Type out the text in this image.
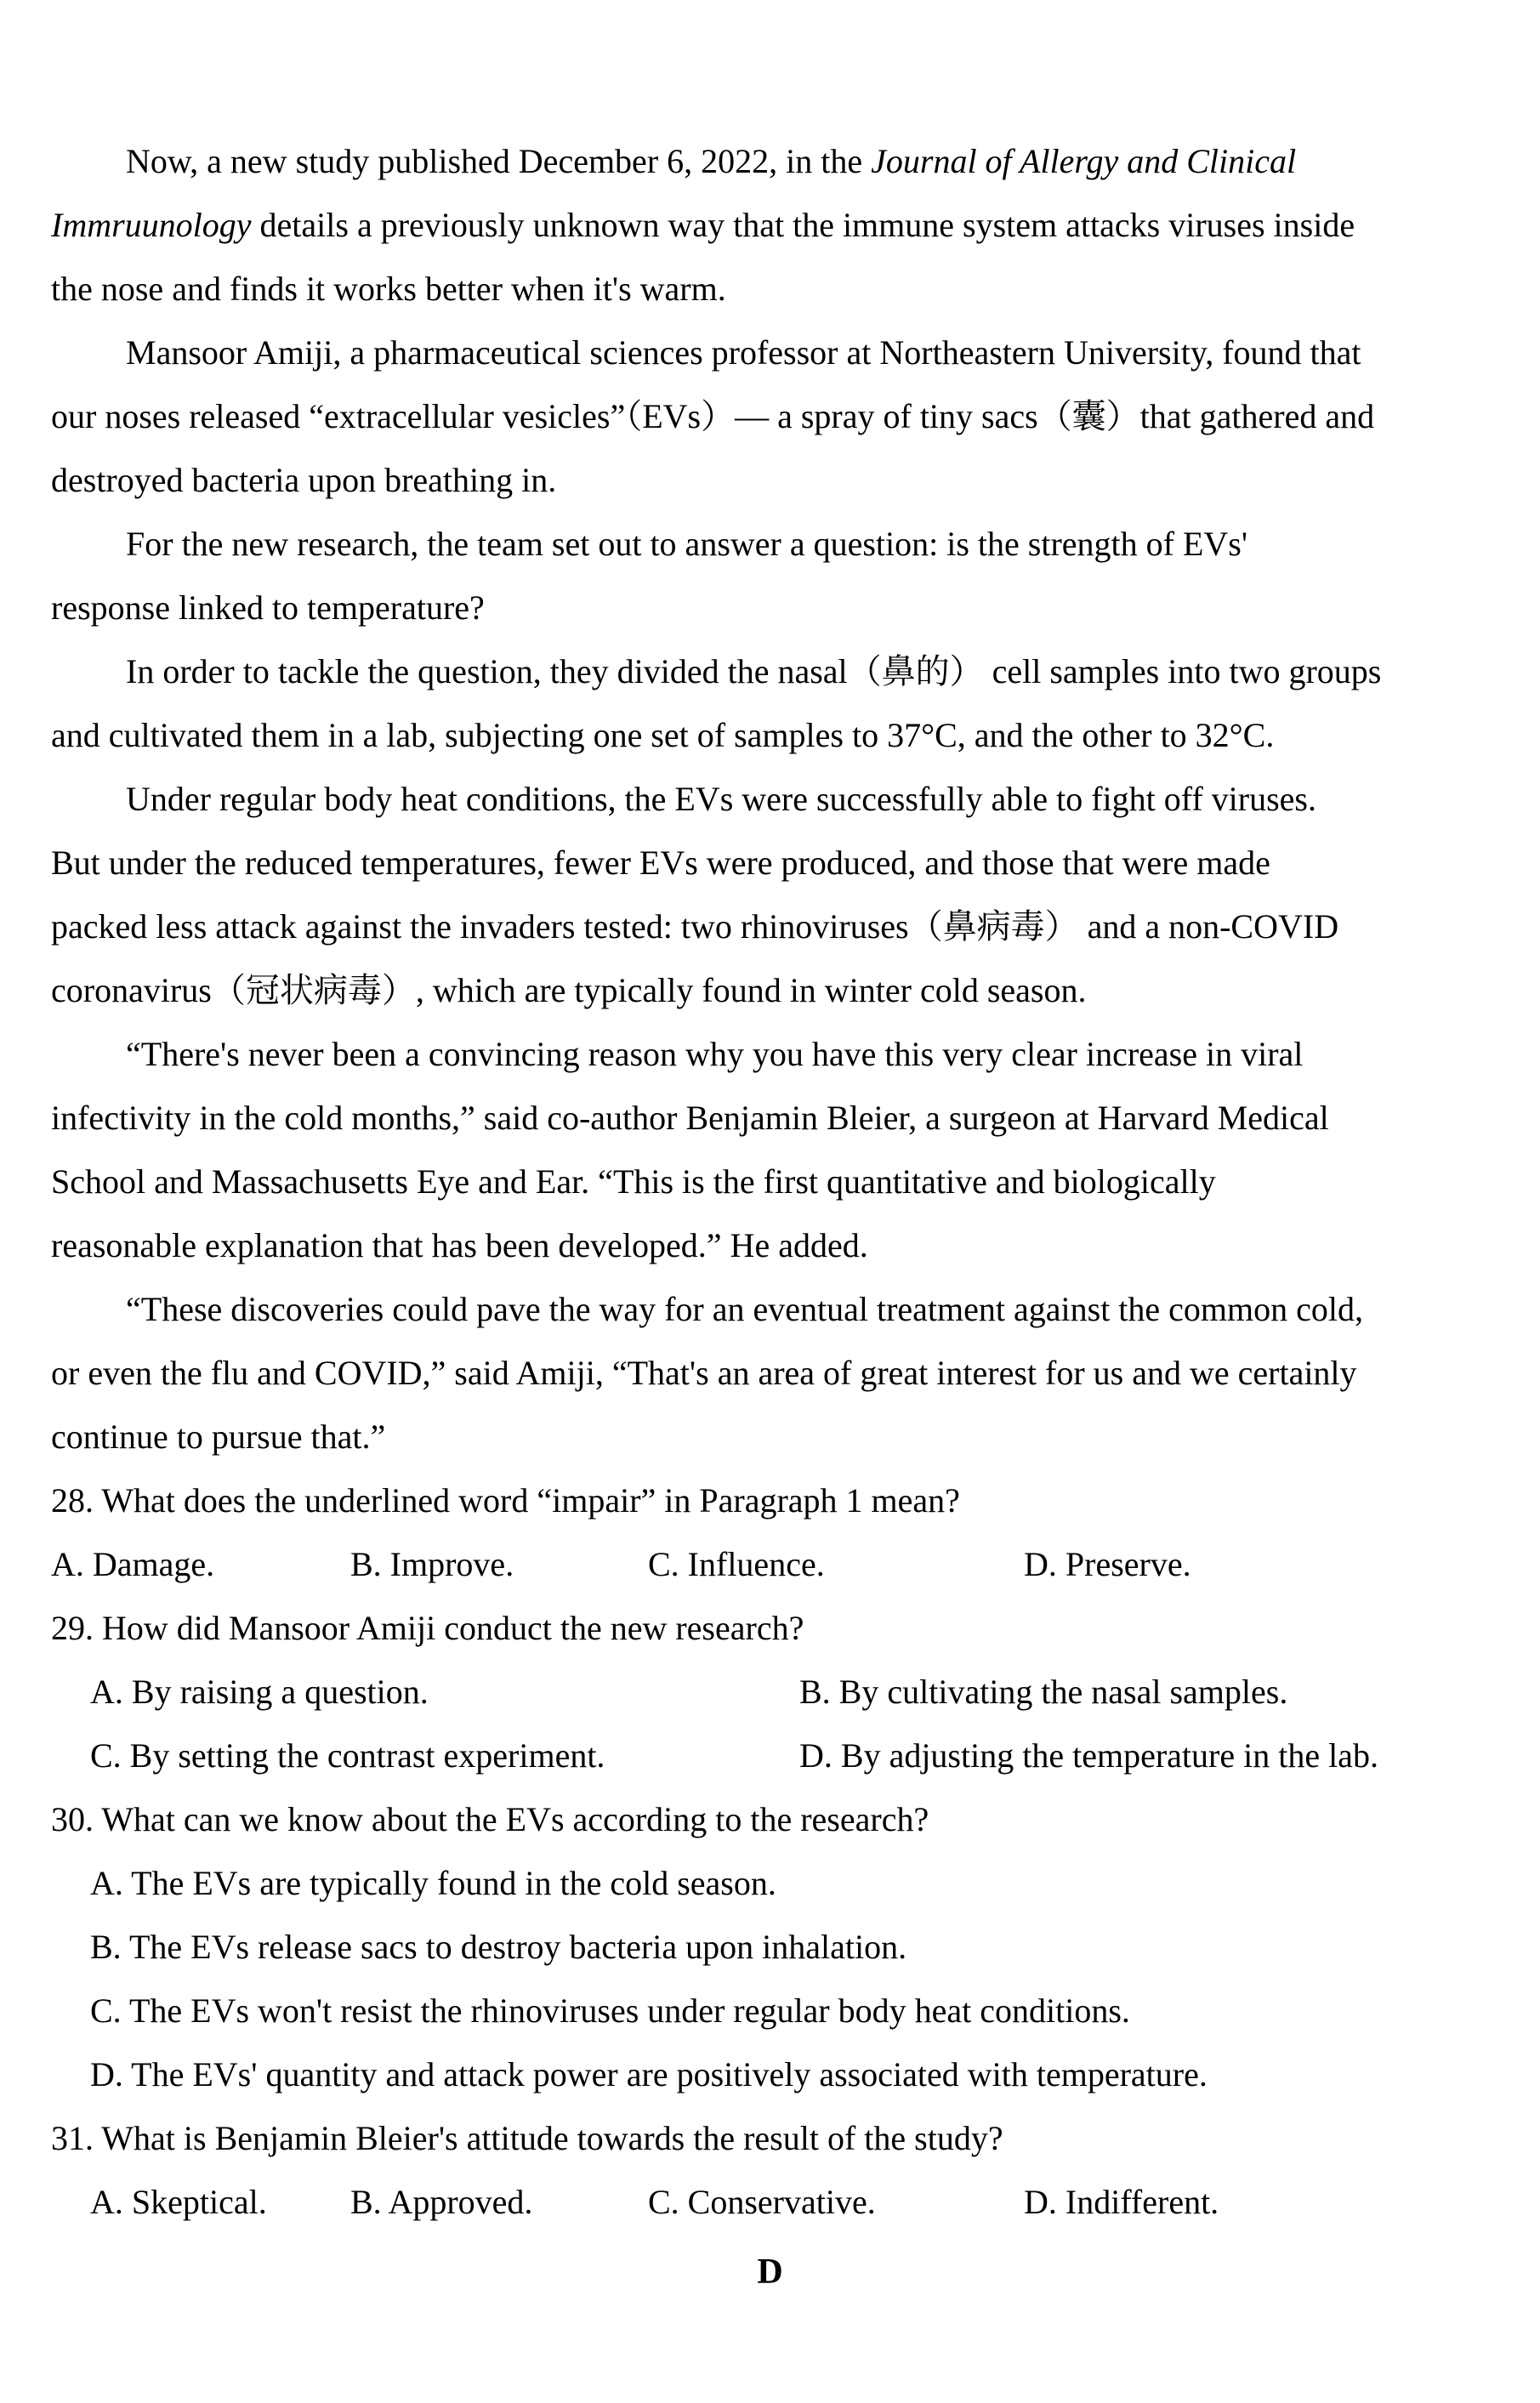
Now, a new study published December 6, 2022, in the Journal of Allergy and Clinical
Immruunology details a previously unknown way that the immune system attacks viruses inside
the nose and finds it works better when it's warm.
Mansoor Amiji, a pharmaceutical sciences professor at Northeastern University, found that
our noses released “extracellular vesicles”（EVs）— a spray of tiny sacs（囊）that gathered and
destroyed bacteria upon breathing in.
For the new research, the team set out to answer a question: is the strength of EVs'
response linked to temperature?
In order to tackle the question, they divided the nasal（鼻的） cell samples into two groups
and cultivated them in a lab, subjecting one set of samples to 37°C, and the other to 32°C.
Under regular body heat conditions, the EVs were successfully able to fight off viruses.
But under the reduced temperatures, fewer EVs were produced, and those that were made
packed less attack against the invaders tested: two rhinoviruses（鼻病毒） and a non-COVID
coronavirus（冠状病毒）, which are typically found in winter cold season.
“There's never been a convincing reason why you have this very clear increase in viral
infectivity in the cold months,” said co-author Benjamin Bleier, a surgeon at Harvard Medical
School and Massachusetts Eye and Ear. “This is the first quantitative and biologically
reasonable explanation that has been developed.” He added.
“These discoveries could pave the way for an eventual treatment against the common cold,
or even the flu and COVID,” said Amiji, “That's an area of great interest for us and we certainly
continue to pursue that.”
28. What does the underlined word “impair” in Paragraph 1 mean?
A. Damage.	B. Improve.	C. Influence.	D. Preserve.
29. How did Mansoor Amiji conduct the new research?
A. By raising a question.	B. By cultivating the nasal samples.
C. By setting the contrast experiment.	D. By adjusting the temperature in the lab.
30. What can we know about the EVs according to the research?
A. The EVs are typically found in the cold season.
B. The EVs release sacs to destroy bacteria upon inhalation.
C. The EVs won't resist the rhinoviruses under regular body heat conditions.
D. The EVs' quantity and attack power are positively associated with temperature.
31. What is Benjamin Bleier's attitude towards the result of the study?
A. Skeptical. B. Approved.	C. Conservative.	D. Indifferent.
D
